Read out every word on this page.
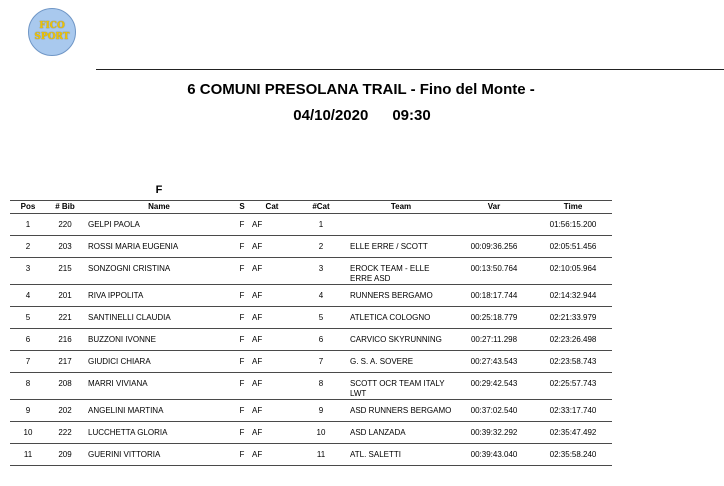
FICO
SPORT
6 COMUNI PRESOLANA TRAIL - Fino del Monte -
04/10/2020 09:30
		F						
Pos	# Bib	Name	S	Cat	#Cat	Team	Var	Time
1	220	GELPI PAOLA	F	AF	1			01:56:15.200
2	203	ROSSI MARIA EUGENIA	F	AF	2	ELLE ERRE / SCOTT	00:09:36.256	02:05:51.456
3	215	SONZOGNI CRISTINA	F	AF	3	EROCK TEAM - ELLE ERRE ASD	00:13:50.764	02:10:05.964
4	201	RIVA IPPOLITA	F	AF	4	RUNNERS BERGAMO	00:18:17.744	02:14:32.944
5	221	SANTINELLI CLAUDIA	F	AF	5	ATLETICA COLOGNO	00:25:18.779	02:21:33.979
6	216	BUZZONI IVONNE	F	AF	6	CARVICO SKYRUNNING	00:27:11.298	02:23:26.498
7	217	GIUDICI CHIARA	F	AF	7	G. S. A. SOVERE	00:27:43.543	02:23:58.743
8	208	MARRI VIVIANA	F	AF	8	SCOTT OCR TEAM ITALY LWT	00:29:42.543	02:25:57.743
9	202	ANGELINI MARTINA	F	AF	9	ASD RUNNERS BERGAMO	00:37:02.540	02:33:17.740
10	222	LUCCHETTA GLORIA	F	AF	10	ASD LANZADA	00:39:32.292	02:35:47.492
11	209	GUERINI VITTORIA	F	AF	11	ATL. SALETTI	00:39:43.040	02:35:58.240
